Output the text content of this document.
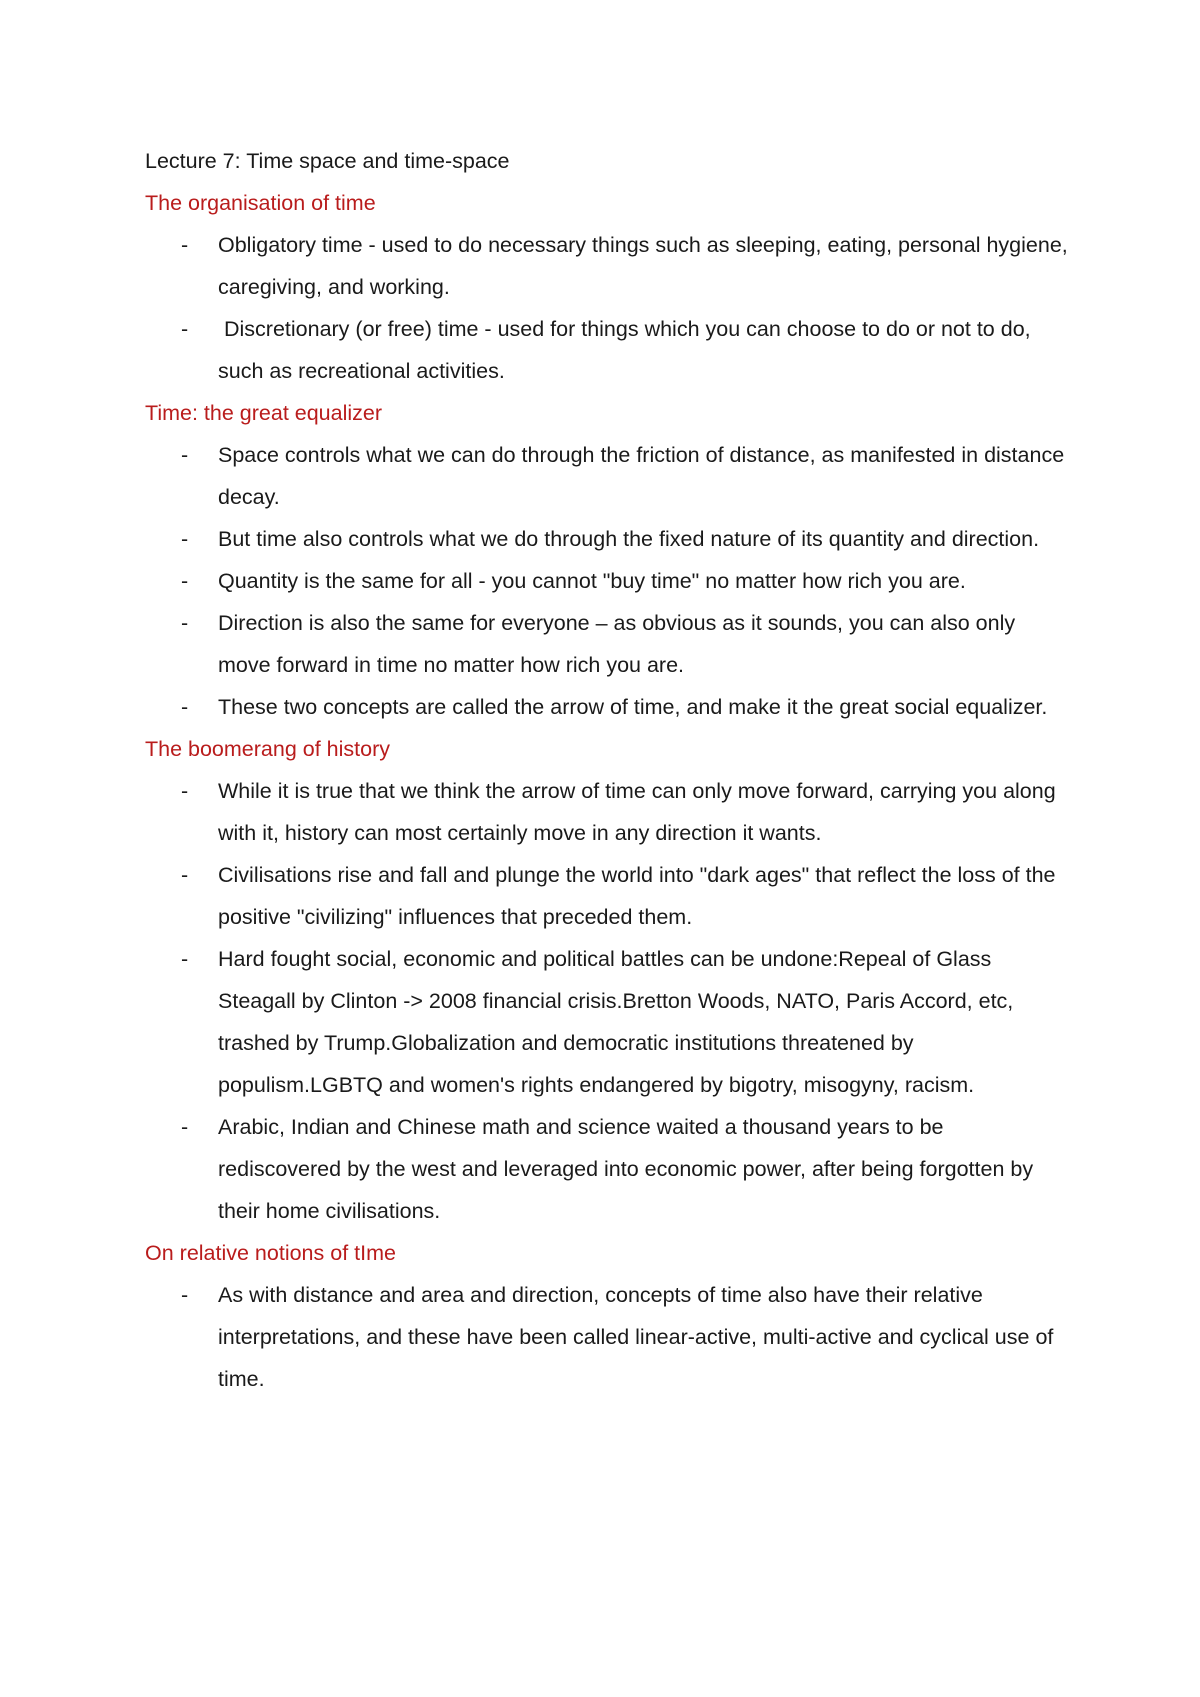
Lecture 7: Time space and time-space
The organisation of time
- Obligatory time - used to do necessary things such as sleeping, eating, personal hygiene, caregiving, and working.
- Discretionary (or free) time - used for things which you can choose to do or not to do, such as recreational activities.
Time: the great equalizer
- Space controls what we can do through the friction of distance, as manifested in distance decay.
- But time also controls what we do through the fixed nature of its quantity and direction.
- Quantity is the same for all - you cannot "buy time" no matter how rich you are.
- Direction is also the same for everyone – as obvious as it sounds, you can also only move forward in time no matter how rich you are.
- These two concepts are called the arrow of time, and make it the great social equalizer.
The boomerang of history
- While it is true that we think the arrow of time can only move forward, carrying you along with it, history can most certainly move in any direction it wants.
- Civilisations rise and fall and plunge the world into "dark ages" that reflect the loss of the positive "civilizing" influences that preceded them.
- Hard fought social, economic and political battles can be undone:Repeal of Glass Steagall by Clinton -> 2008 financial crisis.Bretton Woods, NATO, Paris Accord, etc, trashed by Trump.Globalization and democratic institutions threatened by populism.LGBTQ and women's rights endangered by bigotry, misogyny, racism.
- Arabic, Indian and Chinese math and science waited a thousand years to be rediscovered by the west and leveraged into economic power, after being forgotten by their home civilisations.
On relative notions of tIme
- As with distance and area and direction, concepts of time also have their relative interpretations, and these have been called linear-active, multi-active and cyclical use of time.
